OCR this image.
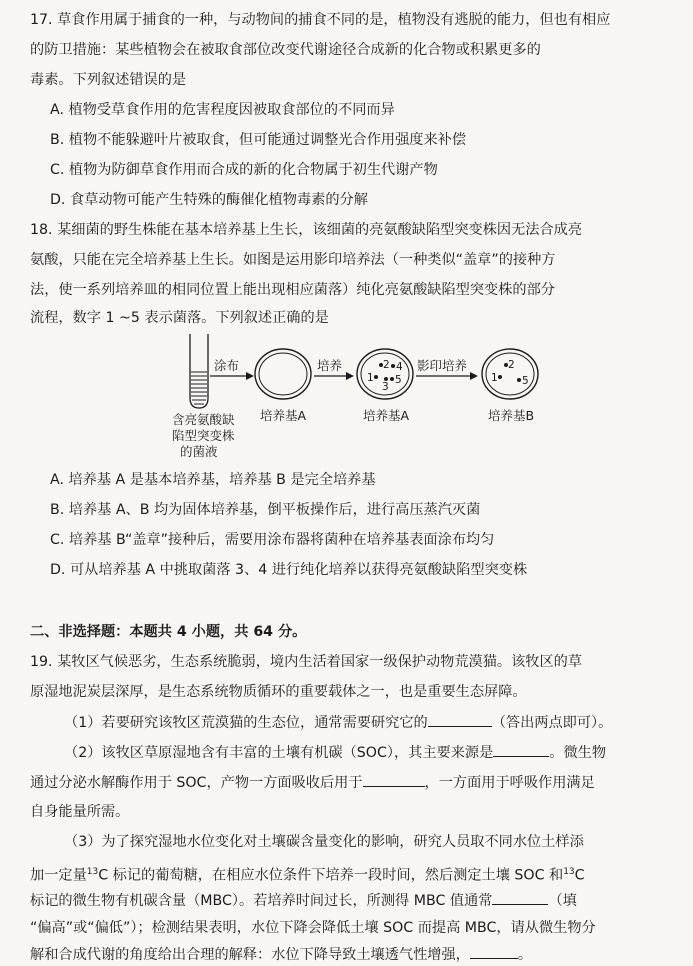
17. 草食作用属于捕食的一种，与动物间的捕食不同的是，植物没有逃脱的能力，但也有相应
的防卫措施：某些植物会在被取食部位改变代谢途径合成新的化合物或积累更多的
毒素。下列叙述错误的是
A. 植物受草食作用的危害程度因被取食部位的不同而异
B. 植物不能躲避叶片被取食，但可能通过调整光合作用强度来补偿
C. 植物为防御草食作用而合成的新的化合物属于初生代谢产物
D. 食草动物可能产生特殊的酶催化植物毒素的分解
18. 某细菌的野生株能在基本培养基上生长，该细菌的亮氨酸缺陷型突变株因无法合成亮
氨酸，只能在完全培养基上生长。如图是运用影印培养法（一种类似“盖章”的接种方
法，使一系列培养皿的相同位置上能出现相应菌落）纯化亮氨酸缺陷型突变株的部分
流程，数字 1 ~5 表示菌落。下列叙述正确的是
含亮氨酸缺
陷型突变株
的菌液
涂布
培养基A
培养
1
2
3
4
5
培养基A
影印培养
1
2
5
培养基B
A. 培养基 A 是基本培养基，培养基 B 是完全培养基
B. 培养基 A、B 均为固体培养基，倒平板操作后，进行高压蒸汽灭菌
C. 培养基 B“盖章”接种后，需要用涂布器将菌种在培养基表面涂布均匀
D. 可从培养基 A 中挑取菌落 3、4 进行纯化培养以获得亮氨酸缺陷型突变株
二、非选择题：本题共 4 小题，共 64 分。
19. 某牧区气候恶劣，生态系统脆弱，境内生活着国家一级保护动物荒漠猫。该牧区的草
原湿地泥炭层深厚，是生态系统物质循环的重要载体之一，也是重要生态屏障。
（1）若要研究该牧区荒漠猫的生态位，通常需要研究它的	（答出两点即可）。
（2）该牧区草原湿地含有丰富的土壤有机碳（SOC），其主要来源是	。微生物
通过分泌水解酶作用于 SOC，产物一方面吸收后用于	，一方面用于呼吸作用满足
自身能量所需。
（3）为了探究湿地水位变化对土壤碳含量变化的影响，研究人员取不同水位土样添
加一定量$^{13}$C 标记的葡萄糖，在相应水位条件下培养一段时间，然后测定土壤 SOC 和$^{13}$C
标记的微生物有机碳含量（MBC）。若培养时间过长，所测得 MBC 值通常	（填
“偏高”或“偏低”）；检测结果表明，水位下降会降低土壤 SOC 而提高 MBC，请从微生物分
解和合成代谢的角度给出合理的解释：水位下降导致土壤透气性增强，	。
